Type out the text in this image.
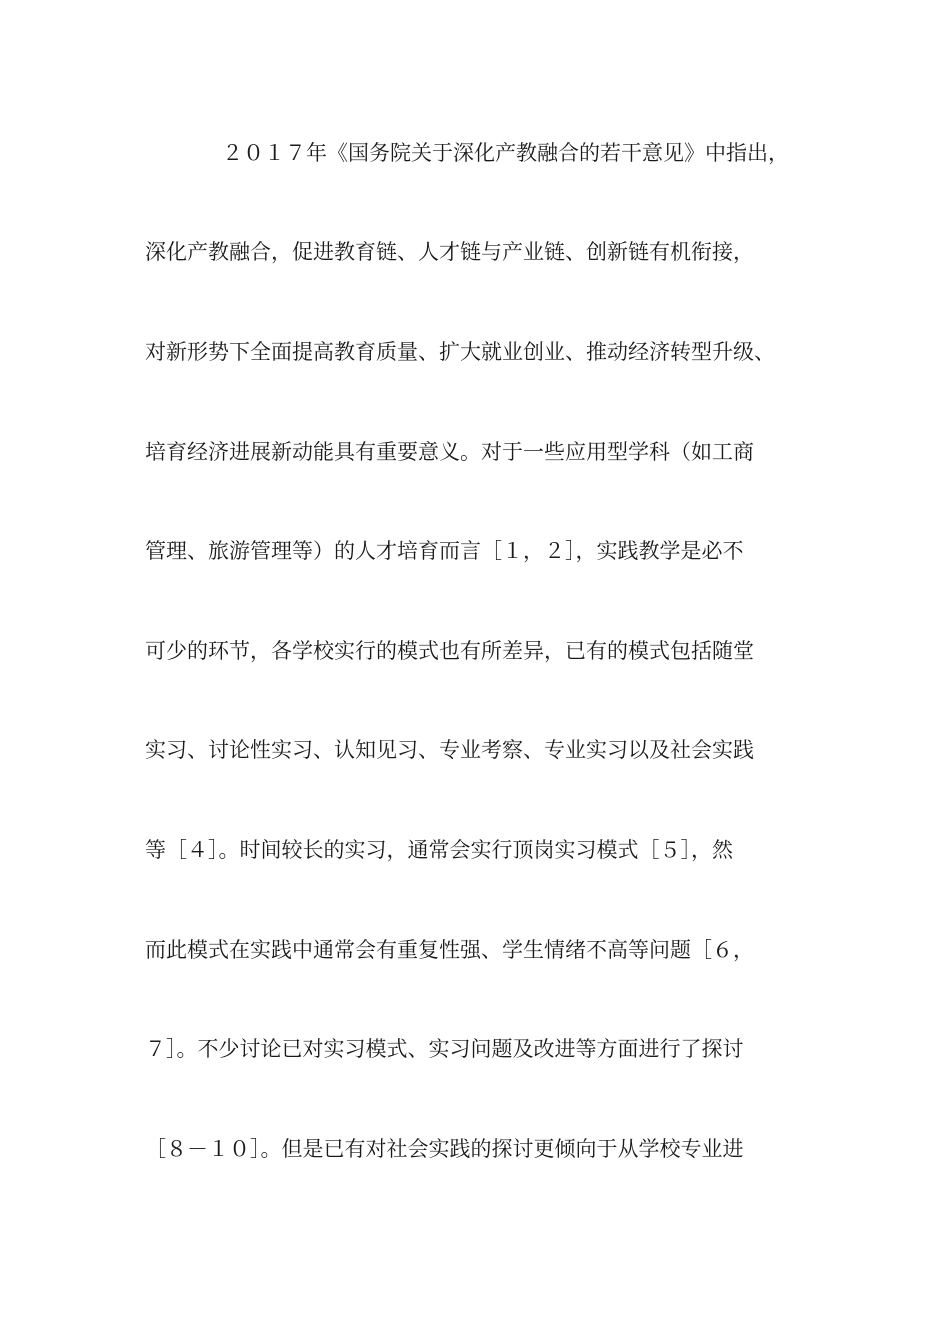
２０１７年《国务院关于深化产教融合的若干意见》中指出，
深化产教融合，促进教育链、人才链与产业链、创新链有机衔接，
对新形势下全面提高教育质量、扩大就业创业、推动经济转型升级、
培育经济进展新动能具有重要意义。对于一些应用型学科（如工商
管理、旅游管理等）的人才培育而言［１，２］，实践教学是必不
可少的环节，各学校实行的模式也有所差异，已有的模式包括随堂
实习、讨论性实习、认知见习、专业考察、专业实习以及社会实践
等［４］。时间较长的实习，通常会实行顶岗实习模式［５］，然
而此模式在实践中通常会有重复性强、学生情绪不高等问题［６，
７］。不少讨论已对实习模式、实习问题及改进等方面进行了探讨
［８－１０］。但是已有对社会实践的探讨更倾向于从学校专业进
